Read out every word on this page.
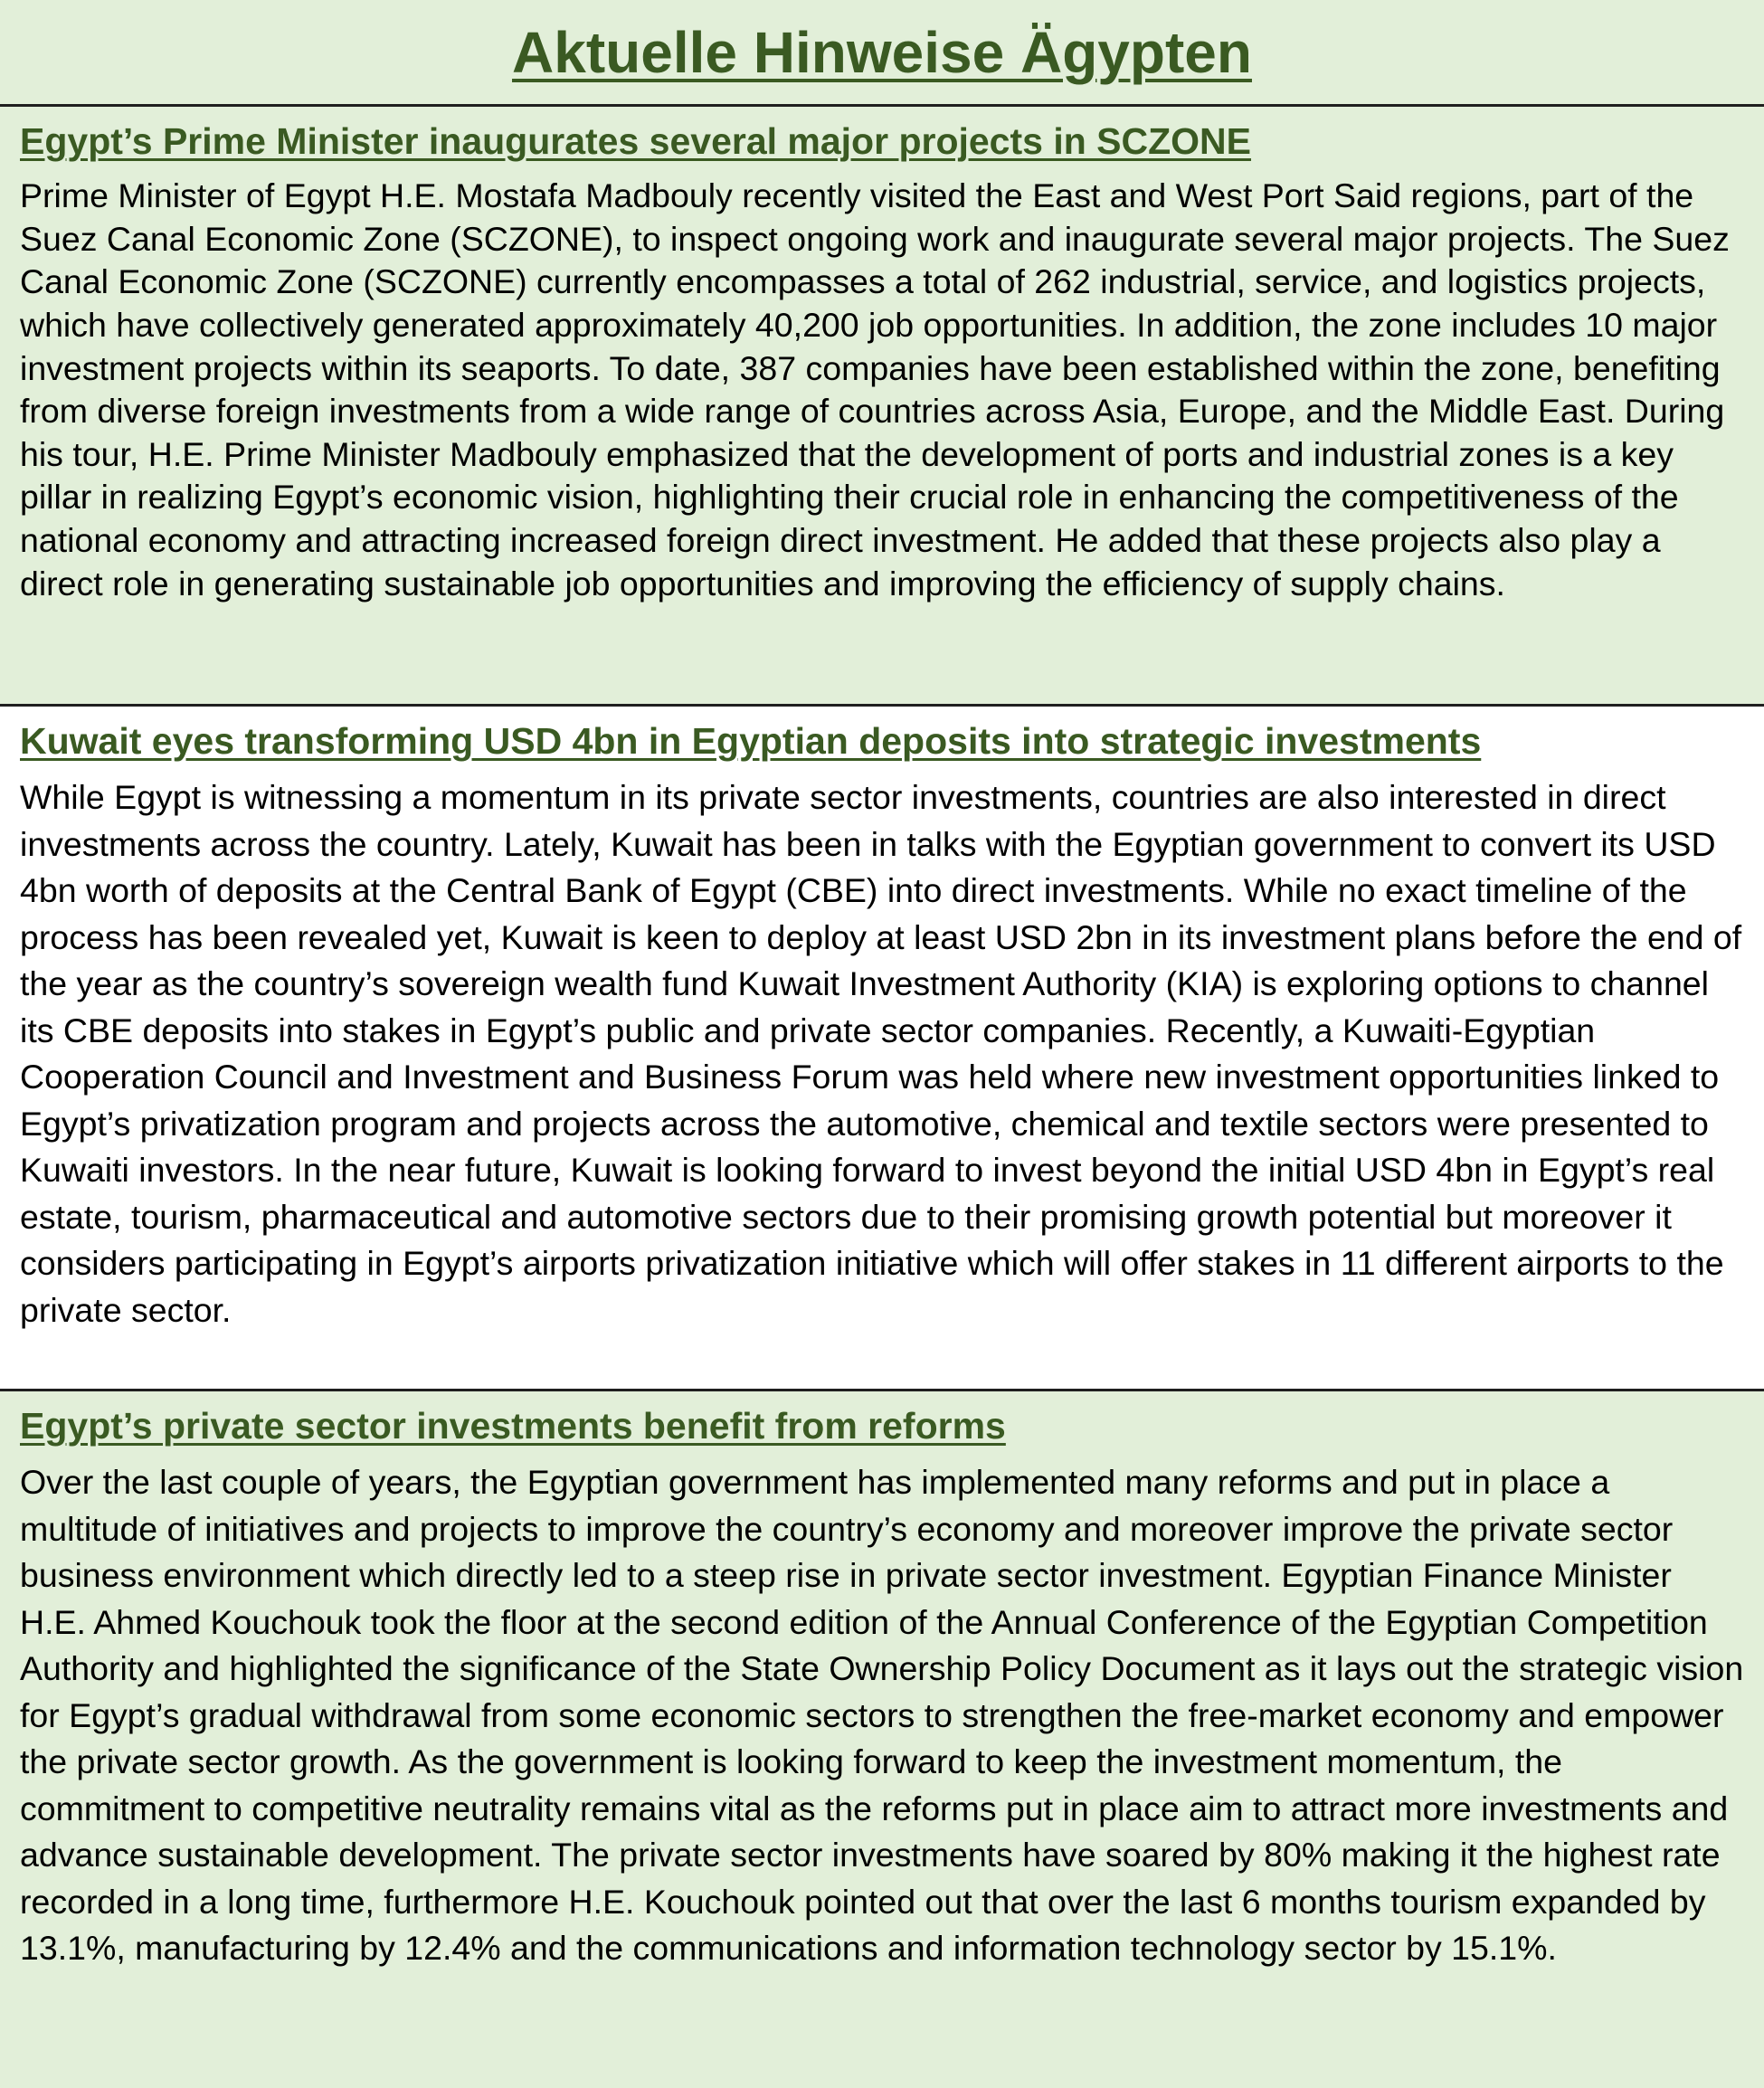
Aktuelle Hinweise Ägypten
Egypt’s Prime Minister inaugurates several major projects in SCZONE

Prime Minister of Egypt H.E. Mostafa Madbouly recently visited the East and West Port Said regions, part of the Suez Canal Economic Zone (SCZONE), to inspect ongoing work and inaugurate several major projects. The Suez Canal Economic Zone (SCZONE) currently encompasses a total of 262 industrial, service, and logistics projects, which have collectively generated approximately 40,200 job opportunities. In addition, the zone includes 10 major investment projects within its seaports. To date, 387 companies have been established within the zone, benefiting from diverse foreign investments from a wide range of countries across Asia, Europe, and the Middle East. During his tour, H.E. Prime Minister Madbouly emphasized that the development of ports and industrial zones is a key pillar in realizing Egypt’s economic vision, highlighting their crucial role in enhancing the competitiveness of the national economy and attracting increased foreign direct investment. He added that these projects also play a direct role in generating sustainable job opportunities and improving the efficiency of supply chains.

Kuwait eyes transforming USD 4bn in Egyptian deposits into strategic investments

While Egypt is witnessing a momentum in its private sector investments, countries are also interested in direct investments across the country. Lately, Kuwait has been in talks with the Egyptian government to convert its USD 4bn worth of deposits at the Central Bank of Egypt (CBE) into direct investments. While no exact timeline of the process has been revealed yet, Kuwait is keen to deploy at least USD 2bn in its investment plans before the end of the year as the country’s sovereign wealth fund Kuwait Investment Authority (KIA) is exploring options to channel its CBE deposits into stakes in Egypt’s public and private sector companies. Recently, a Kuwaiti-Egyptian Cooperation Council and Investment and Business Forum was held where new investment opportunities linked to Egypt’s privatization program and projects across the automotive, chemical and textile sectors were presented to Kuwaiti investors. In the near future, Kuwait is looking forward to invest beyond the initial USD 4bn in Egypt’s real estate, tourism, pharmaceutical and automotive sectors due to their promising growth potential but moreover it considers participating in Egypt’s airports privatization initiative which will offer stakes in 11 different airports to the private sector.

Egypt’s private sector investments benefit from reforms

Over the last couple of years, the Egyptian government has implemented many reforms and put in place a multitude of initiatives and projects to improve the country’s economy and moreover improve the private sector business environment which directly led to a steep rise in private sector investment. Egyptian Finance Minister H.E. Ahmed Kouchouk took the floor at the second edition of the Annual Conference of the Egyptian Competition Authority and highlighted the significance of the State Ownership Policy Document as it lays out the strategic vision for Egypt’s gradual withdrawal from some economic sectors to strengthen the free-market economy and empower the private sector growth. As the government is looking forward to keep the investment momentum, the commitment to competitive neutrality remains vital as the reforms put in place aim to attract more investments and advance sustainable development. The private sector investments have soared by 80% making it the highest rate recorded in a long time, furthermore H.E. Kouchouk pointed out that over the last 6 months tourism expanded by 13.1%, manufacturing by 12.4% and the communications and information technology sector by 15.1%.
